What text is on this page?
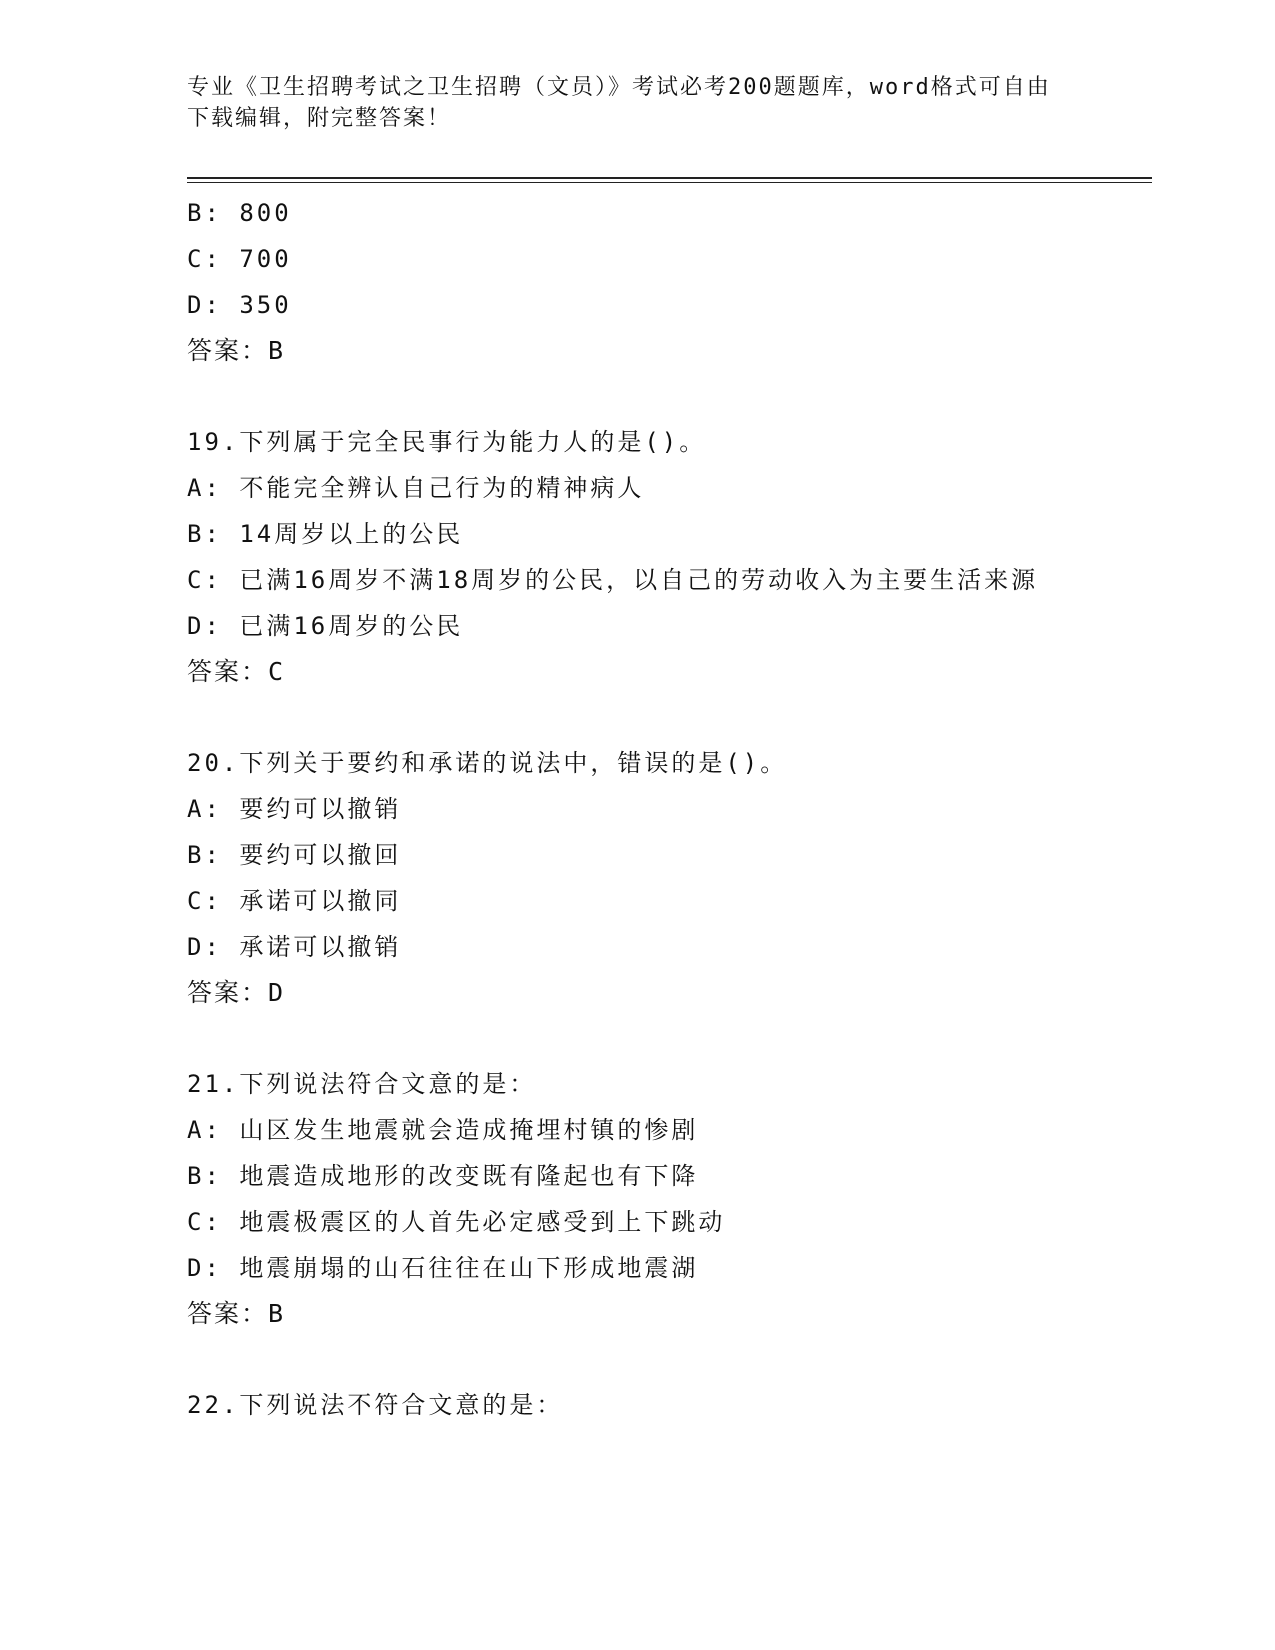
专业《卫生招聘考试之卫生招聘（文员）》考试必考200题题库，word格式可自由下载编辑，附完整答案！
B: 800
C: 700
D: 350
答案：B
19.下列属于完全民事行为能力人的是()。
A: 不能完全辨认自己行为的精神病人
B: 14周岁以上的公民
C: 已满16周岁不满18周岁的公民，以自己的劳动收入为主要生活来源
D: 已满16周岁的公民
答案：C
20.下列关于要约和承诺的说法中，错误的是()。
A: 要约可以撤销
B: 要约可以撤回
C: 承诺可以撤同
D: 承诺可以撤销
答案：D
21.下列说法符合文意的是：
A: 山区发生地震就会造成掩埋村镇的惨剧
B: 地震造成地形的改变既有隆起也有下降
C: 地震极震区的人首先必定感受到上下跳动
D: 地震崩塌的山石往往在山下形成地震湖
答案：B
22.下列说法不符合文意的是：
